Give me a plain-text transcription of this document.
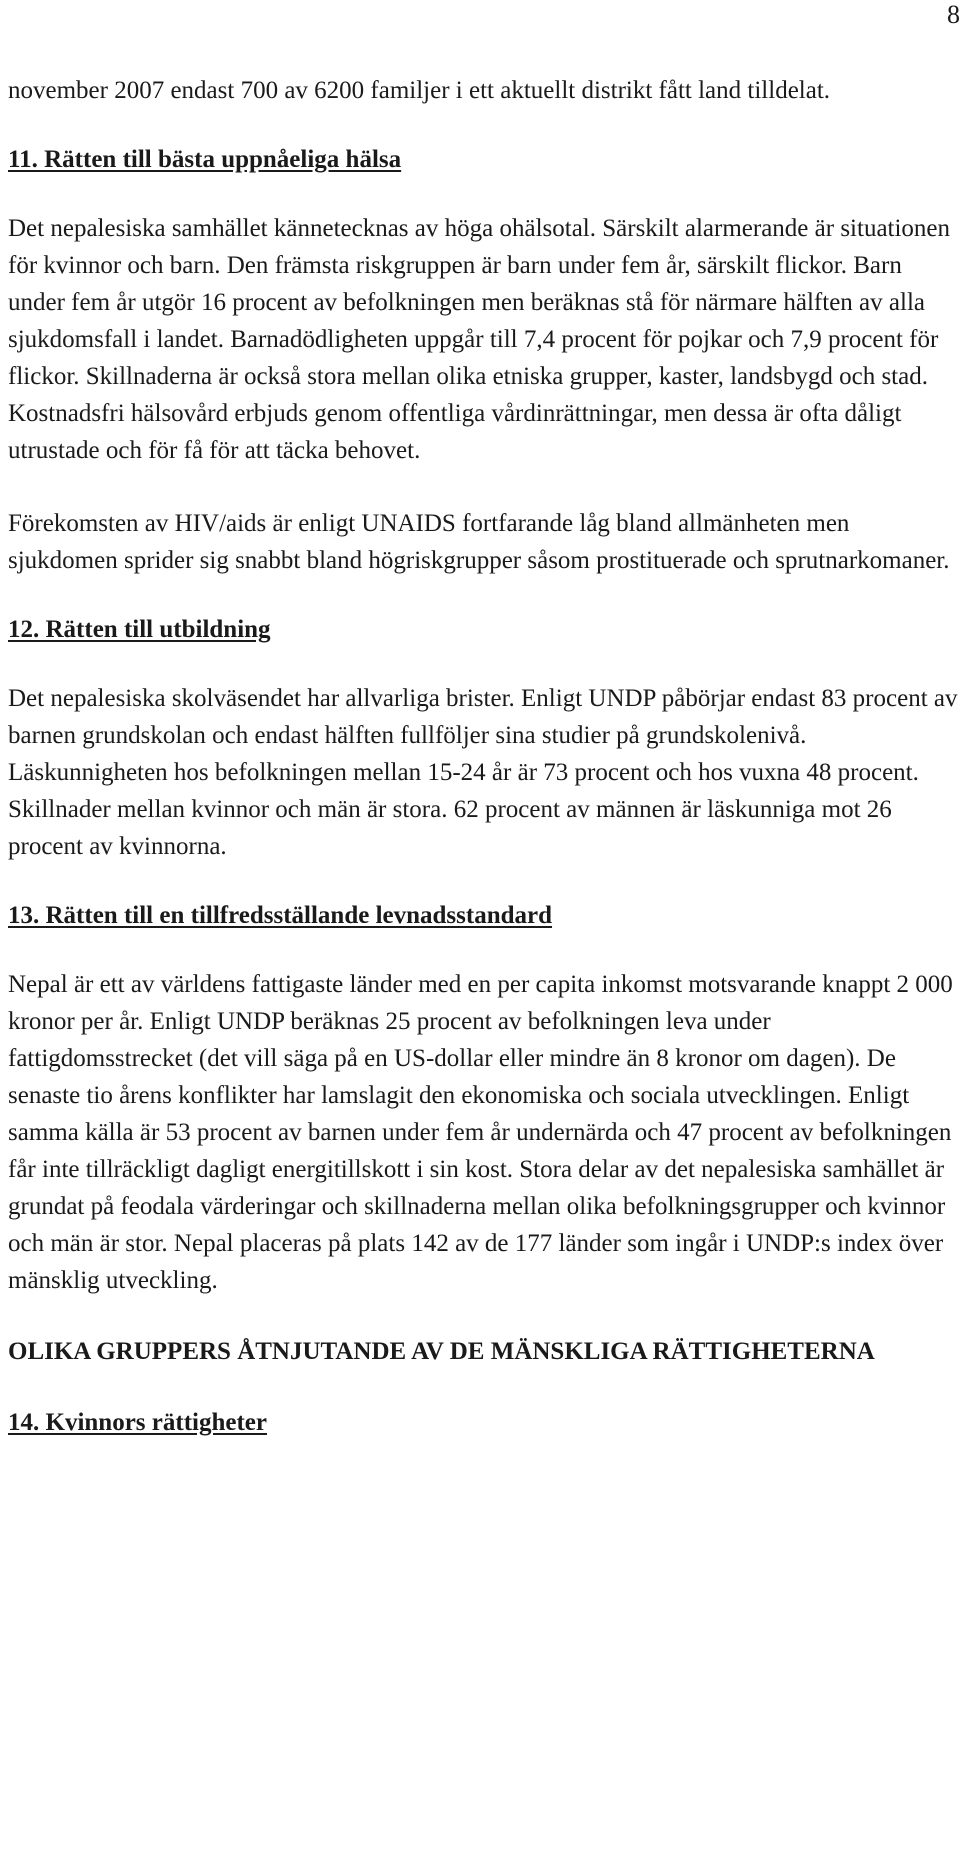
8

november 2007 endast 700 av 6200 familjer i ett aktuellt distrikt fått land tilldelat.

11. Rätten till bästa uppnåeliga hälsa

Det nepalesiska samhället kännetecknas av höga ohälsotal. Särskilt alarmerande är situationen för kvinnor och barn. Den främsta riskgruppen är barn under fem år, särskilt flickor. Barn under fem år utgör 16 procent av befolkningen men beräknas stå för närmare hälften av alla sjukdomsfall i landet. Barnadödligheten uppgår till 7,4 procent för pojkar och 7,9 procent för flickor. Skillnaderna är också stora mellan olika etniska grupper, kaster, landsbygd och stad. Kostnadsfri hälsovård erbjuds genom offentliga vårdinrättningar, men dessa är ofta dåligt utrustade och för få för att täcka behovet.

Förekomsten av HIV/aids är enligt UNAIDS fortfarande låg bland allmänheten men sjukdomen sprider sig snabbt bland högriskgrupper såsom prostituerade och sprutnarkomaner.

12. Rätten till utbildning

Det nepalesiska skolväsendet har allvarliga brister. Enligt UNDP påbörjar endast 83 procent av barnen grundskolan och endast hälften fullföljer sina studier på grundskolenivå. Läskunnigheten hos befolkningen mellan 15-24 år är 73 procent och hos vuxna 48 procent. Skillnader mellan kvinnor och män är stora. 62 procent av männen är läskunniga mot 26 procent av kvinnorna.

13. Rätten till en tillfredsställande levnadsstandard

Nepal är ett av världens fattigaste länder med en per capita inkomst motsvarande knappt 2 000 kronor per år. Enligt UNDP beräknas 25 procent av befolkningen leva under fattigdomsstrecket (det vill säga på en US-dollar eller mindre än 8 kronor om dagen). De senaste tio årens konflikter har lamslagit den ekonomiska och sociala utvecklingen. Enligt samma källa är 53 procent av barnen under fem år undernärda och 47 procent av befolkningen får inte tillräckligt dagligt energitillskott i sin kost. Stora delar av det nepalesiska samhället är grundat på feodala värderingar och skillnaderna mellan olika befolkningsgrupper och kvinnor och män är stor. Nepal placeras på plats 142 av de 177 länder som ingår i UNDP:s index över mänsklig utveckling.

OLIKA GRUPPERS ÅTNJUTANDE AV DE MÄNSKLIGA RÄTTIGHETERNA
14. Kvinnors rättigheter
